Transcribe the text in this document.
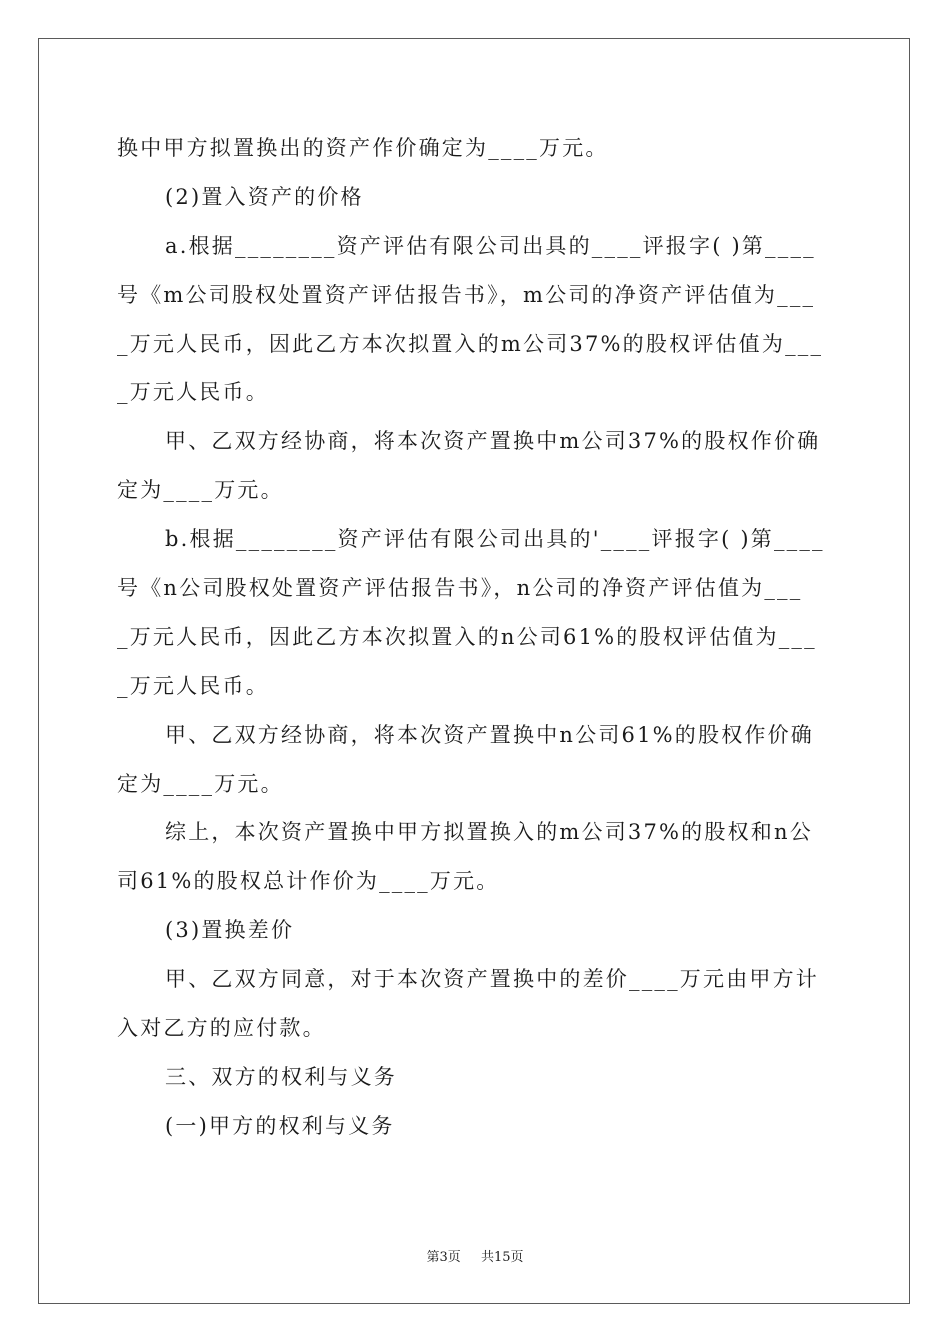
换中甲方拟置换出的资产作价确定为____万元。
(2)置入资产的价格
a.根据________资产评估有限公司出具的____评报字( )第____
号《m公司股权处置资产评估报告书》，m公司的净资产评估值为___
_万元人民币，因此乙方本次拟置入的m公司37%的股权评估值为___
_万元人民币。
甲、乙双方经协商，将本次资产置换中m公司37%的股权作价确
定为____万元。
b.根据________资产评估有限公司出具的'____评报字( )第____
号《n公司股权处置资产评估报告书》，n公司的净资产评估值为___
_万元人民币，因此乙方本次拟置入的n公司61%的股权评估值为___
_万元人民币。
甲、乙双方经协商，将本次资产置换中n公司61%的股权作价确
定为____万元。
综上，本次资产置换中甲方拟置换入的m公司37%的股权和n公
司61%的股权总计作价为____万元。
(3)置换差价
甲、乙双方同意，对于本次资产置换中的差价____万元由甲方计
入对乙方的应付款。
三、双方的权利与义务
(一)甲方的权利与义务
第3页 共15页
